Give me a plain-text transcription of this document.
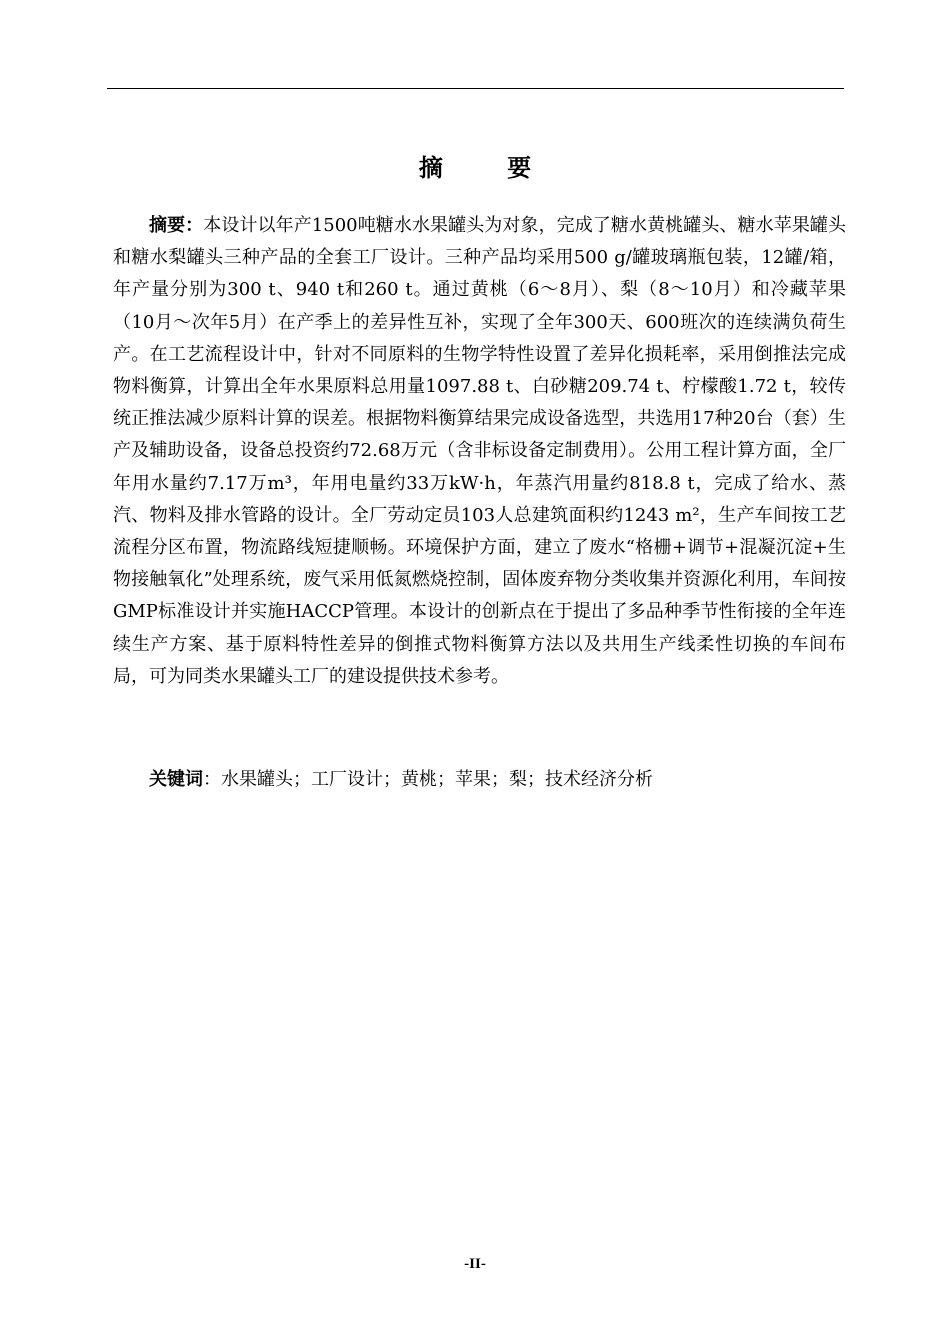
摘 要

摘要：本设计以年产1500吨糖水水果罐头为对象，完成了糖水黄桃罐头、糖水苹果罐头和糖水梨罐头三种产品的全套工厂设计。三种产品均采用500 g/罐玻璃瓶包装，12罐/箱，年产量分别为300 t、940 t和260 t。通过黄桃（6～8月）、梨（8～10月）和冷藏苹果（10月～次年5月）在产季上的差异性互补，实现了全年300天、600班次的连续满负荷生产。在工艺流程设计中，针对不同原料的生物学特性设置了差异化损耗率，采用倒推法完成物料衡算，计算出全年水果原料总用量1097.88 t、白砂糖209.74 t、柠檬酸1.72 t，较传统正推法减少原料计算的误差。根据物料衡算结果完成设备选型，共选用17种20台（套）生产及辅助设备，设备总投资约72.68万元（含非标设备定制费用）。公用工程计算方面，全厂年用水量约7.17万m³，年用电量约33万kW·h，年蒸汽用量约818.8 t，完成了给水、蒸汽、物料及排水管路的设计。全厂劳动定员103人总建筑面积约1243 m²，生产车间按工艺流程分区布置，物流路线短捷顺畅。环境保护方面，建立了废水“格栅+调节+混凝沉淀+生物接触氧化”处理系统，废气采用低氮燃烧控制，固体废弃物分类收集并资源化利用，车间按GMP标准设计并实施HACCP管理。本设计的创新点在于提出了多品种季节性衔接的全年连续生产方案、基于原料特性差异的倒推式物料衡算方法以及共用生产线柔性切换的车间布局，可为同类水果罐头工厂的建设提供技术参考。

关键词：水果罐头；工厂设计；黄桃；苹果；梨；技术经济分析
-II-
